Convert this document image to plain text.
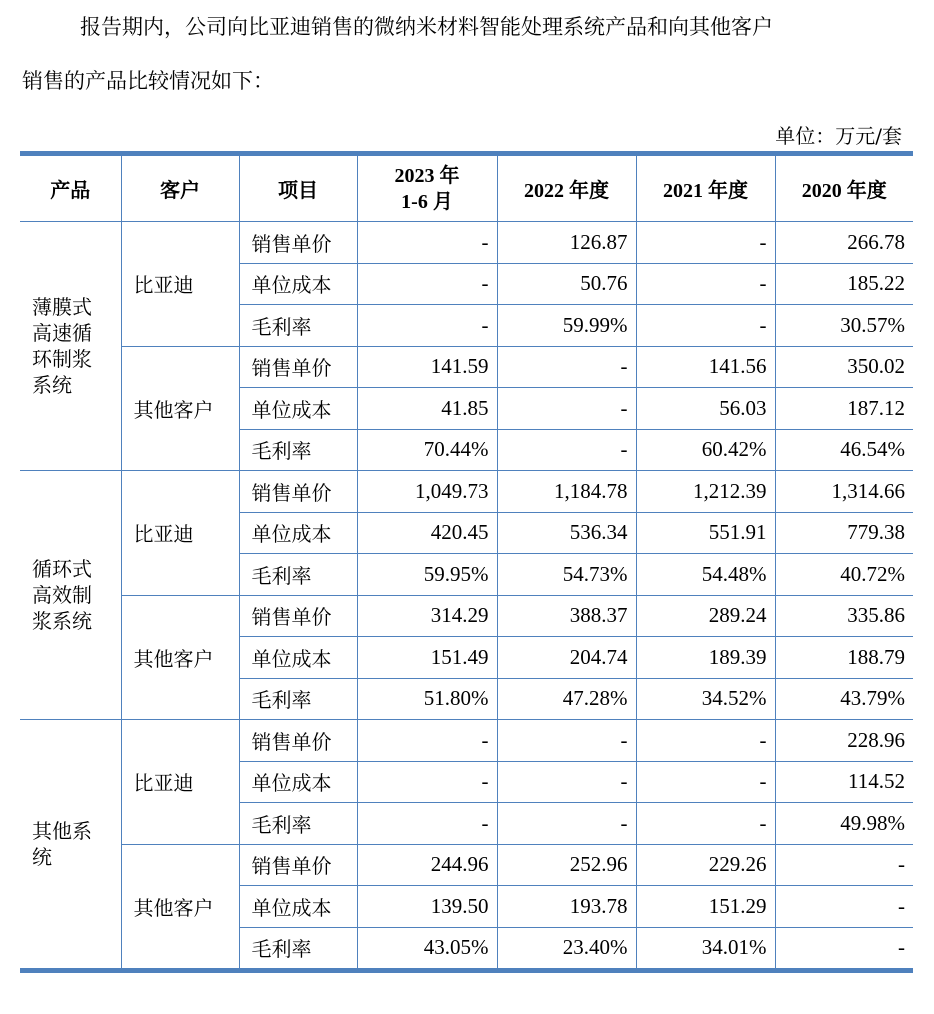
报告期内，公司向比亚迪销售的微纳米材料智能处理系统产品和向其他客户
销售的产品比较情况如下：
单位：万元/套
产品	客户	项目	2023 年
1-6 月	2022 年度	2021 年度	2020 年度

薄膜式
高速循
环制浆
系统	比亚迪	销售单价	-	126.87	-	266.78
		单位成本	-	50.76	-	185.22
		毛利率	-	59.99%	-	30.57%
	其他客户	销售单价	141.59	-	141.56	350.02
		单位成本	41.85	-	56.03	187.12
		毛利率	70.44%	-	60.42%	46.54%

循环式
高效制
浆系统	比亚迪	销售单价	1,049.73	1,184.78	1,212.39	1,314.66
		单位成本	420.45	536.34	551.91	779.38
		毛利率	59.95%	54.73%	54.48%	40.72%
	其他客户	销售单价	314.29	388.37	289.24	335.86
		单位成本	151.49	204.74	189.39	188.79
		毛利率	51.80%	47.28%	34.52%	43.79%

其他系
统	比亚迪	销售单价	-	-	-	228.96
		单位成本	-	-	-	114.52
		毛利率	-	-	-	49.98%
	其他客户	销售单价	244.96	252.96	229.26	-
		单位成本	139.50	193.78	151.29	-
		毛利率	43.05%	23.40%	34.01%	-
